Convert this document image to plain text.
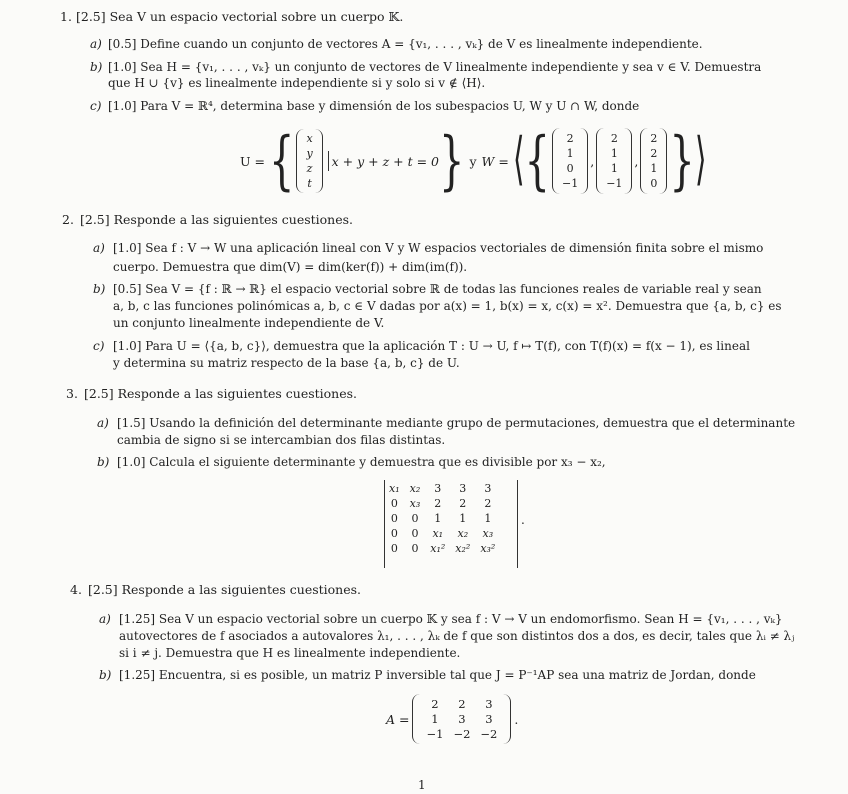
1. [2.5] Sea V un espacio vectorial sobre un cuerpo 𝕂.
a) [0.5] Define cuando un conjunto de vectores A = {v₁, . . . , vₖ} de V es linealmente independiente.
b) [1.0] Sea H = {v₁, . . . , vₖ} un conjunto de vectores de V linealmente independiente y sea v ∈ V. Demuestra
que H ∪ {v} es linealmente independiente si y solo si v ∉ ⟨H⟩.
c) [1.0] Para V = ℝ⁴, determina base y dimensión de los subespacios U, W y U ∩ W, donde
U = { x
y
z
t
x + y + z + t = 0 } y W = ⟨ { 2
1
0
−1
,
2
1
1
−1
,
2
2
1
0 } ⟩
2. [2.5] Responde a las siguientes cuestiones.
a) [1.0] Sea f : V → W una aplicación lineal con V y W espacios vectoriales de dimensión finita sobre el mismo
cuerpo. Demuestra que dim(V) = dim(ker(f)) + dim(im(f)).
b) [0.5] Sea V = {f : ℝ → ℝ} el espacio vectorial sobre ℝ de todas las funciones reales de variable real y sean
a, b, c las funciones polinómicas a, b, c ∈ V dadas por a(x) = 1, b(x) = x, c(x) = x². Demuestra que {a, b, c} es
un conjunto linealmente independiente de V.
c) [1.0] Para U = ⟨{a, b, c}⟩, demuestra que la aplicación T : U → U, f ↦ T(f), con T(f)(x) = f(x − 1), es lineal
y determina su matriz respecto de la base {a, b, c} de U.
3. [2.5] Responde a las siguientes cuestiones.
a) [1.5] Usando la definición del determinante mediante grupo de permutaciones, demuestra que el determinante
cambia de signo si se intercambian dos filas distintas.
b) [1.0] Calcula el siguiente determinante y demuestra que es divisible por x₃ − x₂,
x₁	x₂	3	3	3
0	x₃	2	2	2
0	0	1	1	1
0	0	x₁	x₂	x₃
0	0	x₁²	x₂²	x₃²
.
4. [2.5] Responde a las siguientes cuestiones.
a) [1.25] Sea V un espacio vectorial sobre un cuerpo 𝕂 y sea f : V → V un endomorfismo. Sean H = {v₁, . . . , vₖ}
autovectores de f asociados a autovalores λ₁, . . . , λₖ de f que son distintos dos a dos, es decir, tales que λᵢ ≠ λⱼ
si i ≠ j. Demuestra que H es linealmente independiente.
b) [1.25] Encuentra, si es posible, un matriz P inversible tal que J = P⁻¹AP sea una matriz de Jordan, donde
A =
2	2	3
1	3	3
−1	−2	−2
.
1
